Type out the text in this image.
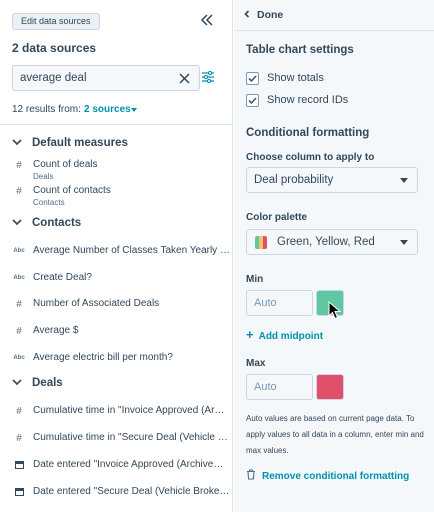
Edit data sources
2 data sources
average deal
12 results from: 2 sources
Default measures
#	Count of deals
Deals
#	Count of contacts
Contacts
Contacts
Abc Average Number of Classes Taken Yearly …
Abc Create Deal?
#	Number of Associated Deals
#	Average $
Abc Average electric bill per month?
Deals
#	Cumulative time in "Invoice Approved (Ar…
#	Cumulative time in "Secure Deal (Vehicle …
Date entered "Invoice Approved (Archive…
Date entered "Secure Deal (Vehicle Broke…
Done
Table chart settings
Show totals
Show record IDs
Conditional formatting
Choose column to apply to
Deal probability
Color palette
Green, Yellow, Red
Min
Auto
+ Add midpoint
Max
Auto
Auto values are based on current page data. To apply values to all data in a column, enter min and max values.
Remove conditional formatting
